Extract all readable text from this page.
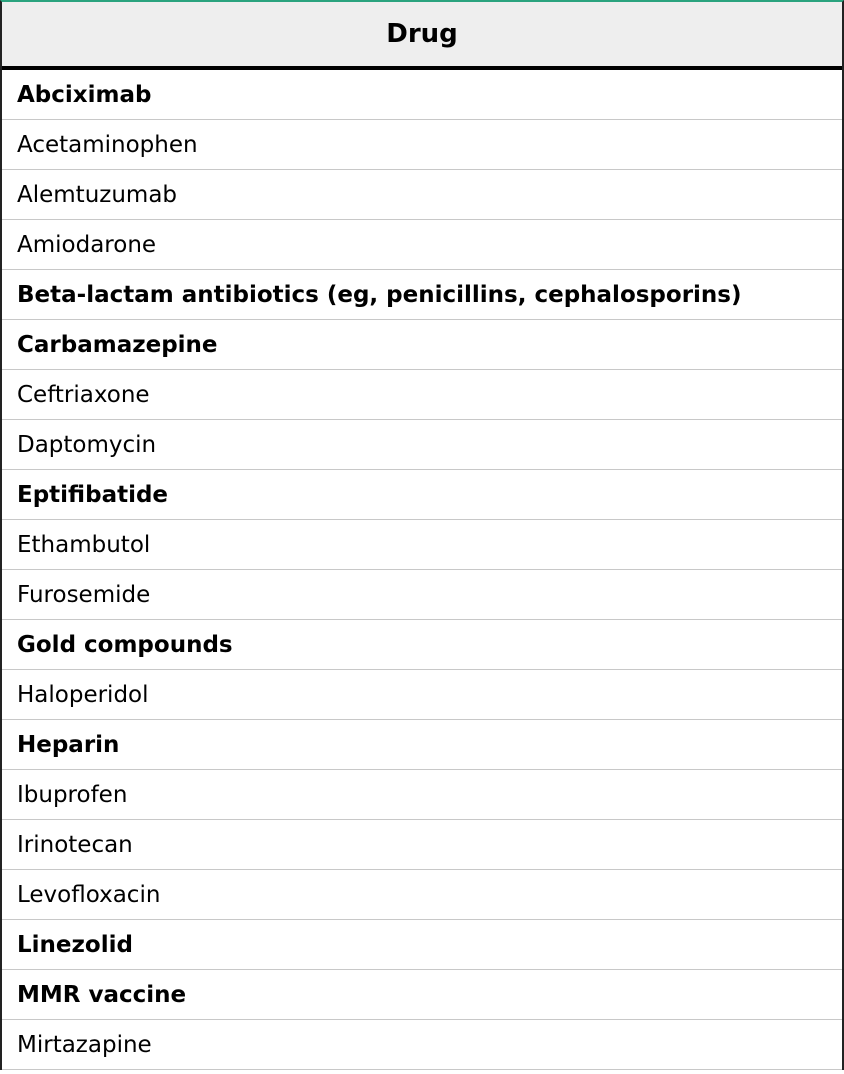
Drug
Abciximab
Acetaminophen
Alemtuzumab
Amiodarone
Beta-lactam antibiotics (eg, penicillins, cephalosporins)
Carbamazepine
Ceftriaxone
Daptomycin
Eptifibatide
Ethambutol
Furosemide
Gold compounds
Haloperidol
Heparin
Ibuprofen
Irinotecan
Levofloxacin
Linezolid
MMR vaccine
Mirtazapine
